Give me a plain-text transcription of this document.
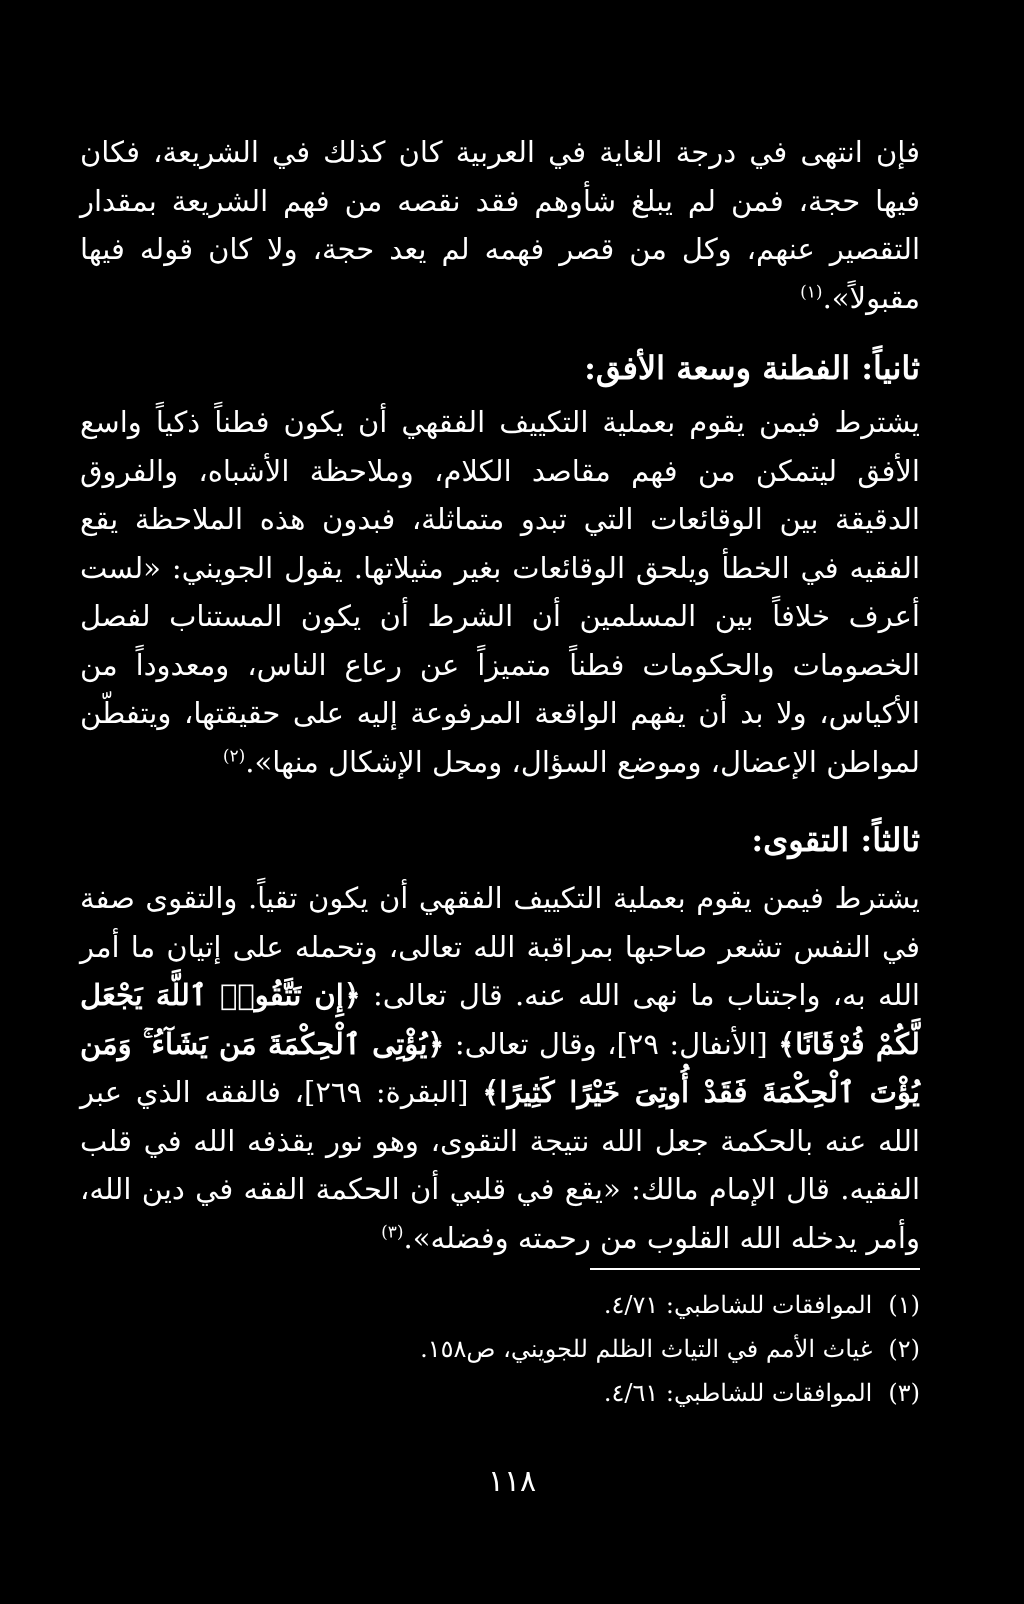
فإن انتهى في درجة الغاية في العربية كان كذلك في الشريعة، فكان فيها حجة، فمن لم يبلغ شأوهم فقد نقصه من فهم الشريعة بمقدار التقصير عنهم، وكل من قصر فهمه لم يعد حجة، ولا كان قوله فيها مقبولاً».$^{(١)}$

ثانياً: الفطنة وسعة الأفق:

يشترط فيمن يقوم بعملية التكييف الفقهي أن يكون فطناً ذكياً واسع الأفق ليتمكن من فهم مقاصد الكلام، وملاحظة الأشباه، والفروق الدقيقة بين الوقائعات التي تبدو متماثلة، فبدون هذه الملاحظة يقع الفقيه في الخطأ ويلحق الوقائعات بغير مثيلاتها. يقول الجويني: «لست أعرف خلافاً بين المسلمين أن الشرط أن يكون المستناب لفصل الخصومات والحكومات فطناً متميزاً عن رعاع الناس، ومعدوداً من الأكياس، ولا بد أن يفهم الواقعة المرفوعة إليه على حقيقتها، ويتفطّن لمواطن الإعضال، وموضع السؤال، ومحل الإشكال منها».$^{(٢)}$

ثالثاً: التقوى:

يشترط فيمن يقوم بعملية التكييف الفقهي أن يكون تقياً. والتقوى صفة في النفس تشعر صاحبها بمراقبة الله تعالى، وتحمله على إتيان ما أمر الله به، واجتناب ما نهى الله عنه. قال تعالى: ﴿إِن تَتَّقُوا۟ ٱللَّهَ يَجْعَل لَّكُمْ فُرْقَانًا﴾ [الأنفال: ٢٩]، وقال تعالى: ﴿يُؤْتِى ٱلْحِكْمَةَ مَن يَشَآءُ ۚ وَمَن يُؤْتَ ٱلْحِكْمَةَ فَقَدْ أُوتِىَ خَيْرًا كَثِيرًا﴾ [البقرة: ٢٦٩]، فالفقه الذي عبر الله عنه بالحكمة جعل الله نتيجة التقوى، وهو نور يقذفه الله في قلب الفقيه. قال الإمام مالك: «يقع في قلبي أن الحكمة الفقه في دين الله، وأمر يدخله الله القلوب من رحمته وفضله».$^{(٣)}$

(١)الموافقات للشاطبي: ٤/٧١.

(٢)غياث الأمم في التياث الظلم للجويني، ص١٥٨.

(٣)الموافقات للشاطبي: ٤/٦١.

١١٨
